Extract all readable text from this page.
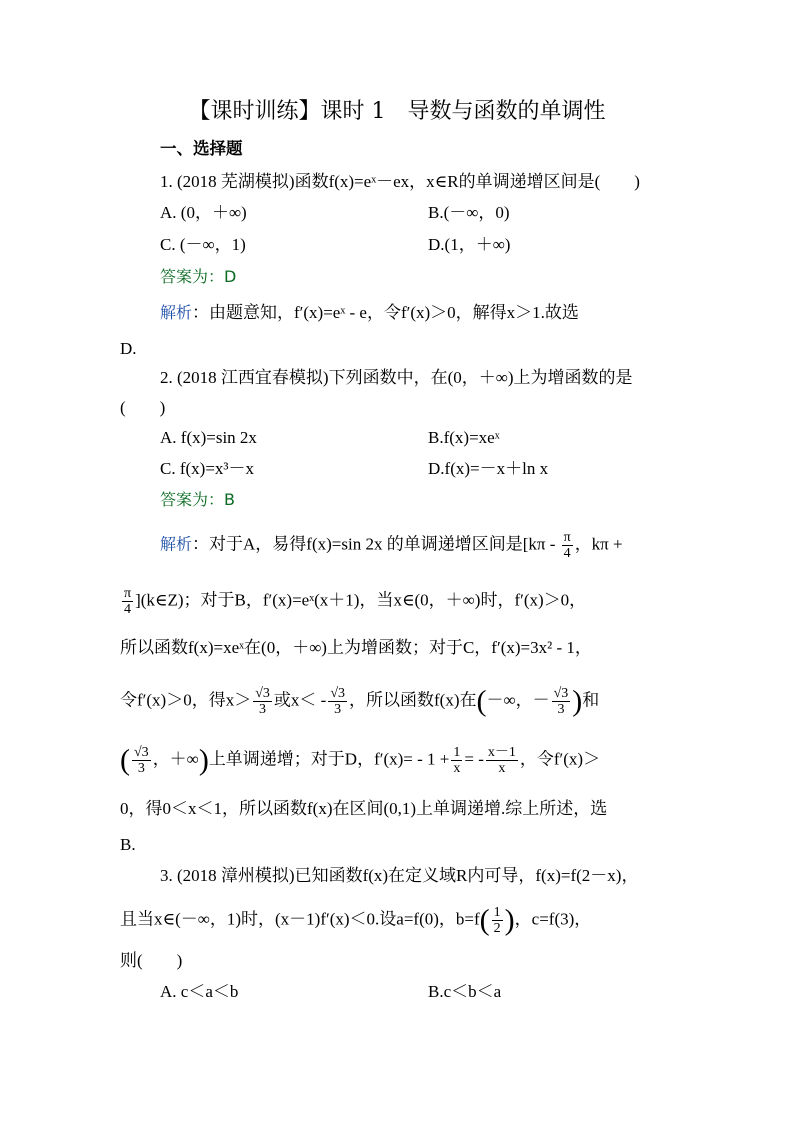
【课时训练】课时 1　导数与函数的单调性
一、选择题
1. (2018 芜湖模拟)函数f(x)=eˣ－ex，x∈R的单调递增区间是(　　)
A. (0，＋∞)	B.(－∞，0)
C. (－∞，1)	D.(1，＋∞)
答案为：D
解析：由题意知，f′(x)=eˣ - e，令f′(x)＞0，解得x＞1.故选
D.
2. (2018 江西宜春模拟)下列函数中，在(0，＋∞)上为增函数的是
(　　)
A. f(x)=sin 2x	B.f(x)=xeˣ
C. f(x)=x³－x	D.f(x)=－x＋ln x
答案为：B
解析：对于A，易得f(x)=sin 2x 的单调递增区间是[$k\pi - \frac{\pi}{4}$ ，kπ +
$\frac{\pi}{4}$ ](k∈Z)；对于B，f′(x)=eˣ(x＋1)，当x∈(0，＋∞)时，f′(x)＞0，
所以函数f(x)=xeˣ在(0，＋∞)上为增函数；对于C，f′(x)=3x² - 1，
令f′(x)＞0，得$x> \frac{√3}{3}$ 或$x< - \frac{√3}{3}$ ，所以函数f(x)在(－∞，－ $\frac{√3}{3}$ )和
( $\frac{√3}{3}$ ，＋∞)上单调递增；对于D，$f'(x)= - 1 + \frac{1}{x}$ = - $\frac{x-1}{x}$ ，令f′(x)＞
0，得0＜x＜1，所以函数f(x)在区间(0,1)上单调递增.综上所述，选
B.
3. (2018 漳州模拟)已知函数f(x)在定义域R内可导，f(x)=f(2－x)，
且当x∈(－∞，1)时，(x－1)f′(x)＜0.设a=f(0)，$b=f( \frac{1}{2}$ )，c=f(3)，
则(　　)
A. c＜a＜b	B.c＜b＜a
